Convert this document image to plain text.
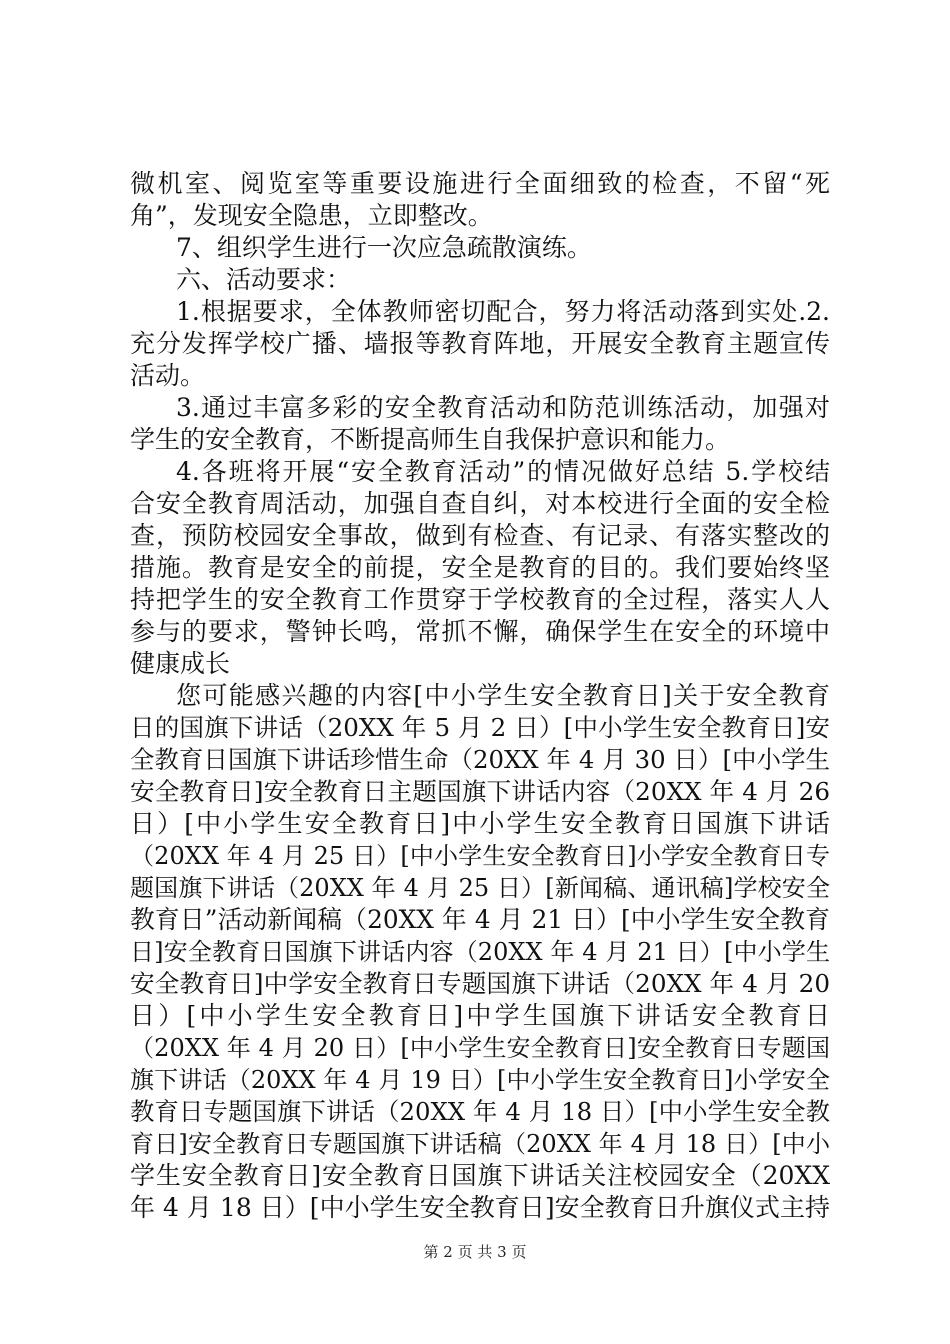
微机室、阅览室等重要设施进行全面细致的检查，不留“死
角”，发现安全隐患，立即整改。
7、组织学生进行一次应急疏散演练。
六、活动要求：
1.根据要求，全体教师密切配合，努力将活动落到实处.2.
充分发挥学校广播、墙报等教育阵地，开展安全教育主题宣传
活动。
3.通过丰富多彩的安全教育活动和防范训练活动，加强对
学生的安全教育，不断提高师生自我保护意识和能力。
4.各班将开展“安全教育活动”的情况做好总结 5.学校结
合安全教育周活动，加强自查自纠，对本校进行全面的安全检
查，预防校园安全事故，做到有检查、有记录、有落实整改的
措施。教育是安全的前提，安全是教育的目的。我们要始终坚
持把学生的安全教育工作贯穿于学校教育的全过程，落实人人
参与的要求，警钟长鸣，常抓不懈，确保学生在安全的环境中
健康成长
您可能感兴趣的内容[中小学生安全教育日]关于安全教育
日的国旗下讲话（20XX 年 5 月 2 日）[中小学生安全教育日]安
全教育日国旗下讲话珍惜生命（20XX 年 4 月 30 日）[中小学生
安全教育日]安全教育日主题国旗下讲话内容（20XX 年 4 月 26
日）[中小学生安全教育日]中小学生安全教育日国旗下讲话
（20XX 年 4 月 25 日）[中小学生安全教育日]小学安全教育日专
题国旗下讲话（20XX 年 4 月 25 日）[新闻稿、通讯稿]学校安全
教育日”活动新闻稿（20XX 年 4 月 21 日）[中小学生安全教育
日]安全教育日国旗下讲话内容（20XX 年 4 月 21 日）[中小学生
安全教育日]中学安全教育日专题国旗下讲话（20XX 年 4 月 20
日）[中小学生安全教育日]中学生国旗下讲话安全教育日
（20XX 年 4 月 20 日）[中小学生安全教育日]安全教育日专题国
旗下讲话（20XX 年 4 月 19 日）[中小学生安全教育日]小学安全
教育日专题国旗下讲话（20XX 年 4 月 18 日）[中小学生安全教
育日]安全教育日专题国旗下讲话稿（20XX 年 4 月 18 日）[中小
学生安全教育日]安全教育日国旗下讲话关注校园安全（20XX
年 4 月 18 日）[中小学生安全教育日]安全教育日升旗仪式主持
第 2 页 共 3 页
